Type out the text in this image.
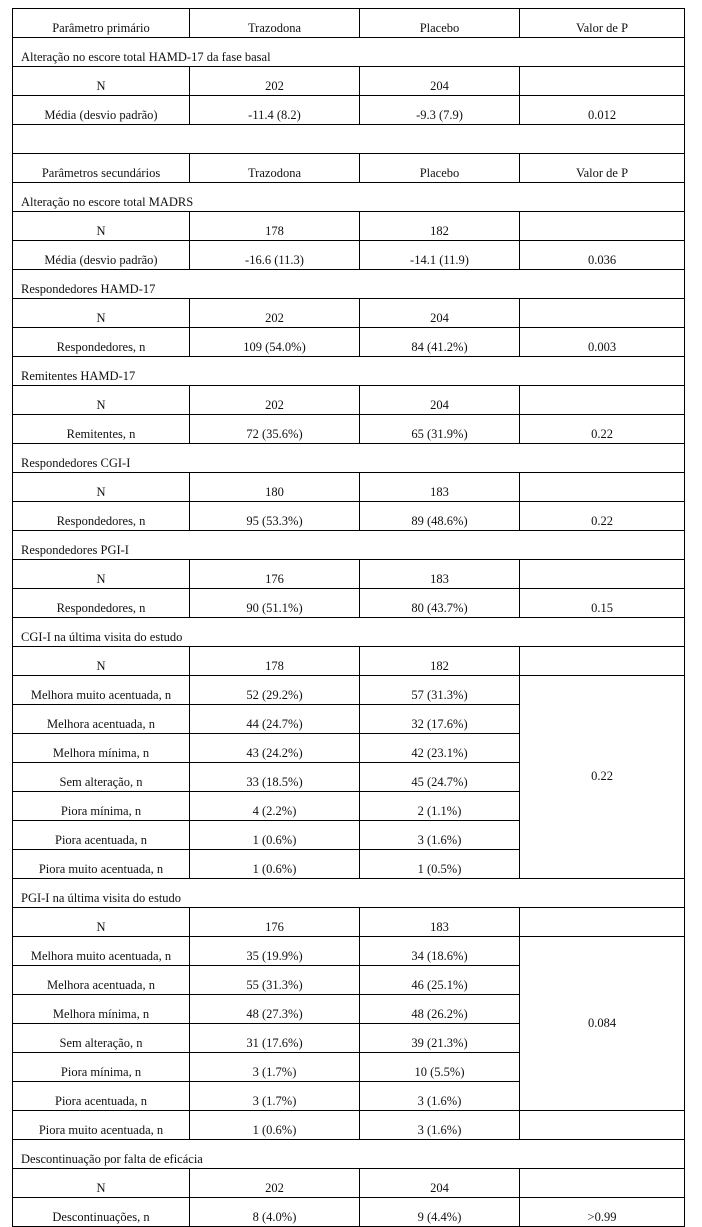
Parâmetro primário	Trazodona	Placebo	Valor de P
Alteração no escore total HAMD-17 da fase basal			
N	202	204	
Média (desvio padrão)	-11.4 (8.2)	-9.3 (7.9)	0.012

Parâmetros secundários	Trazodona	Placebo	Valor de P
Alteração no escore total MADRS			
N	178	182	
Média (desvio padrão)	-16.6 (11.3)	-14.1 (11.9)	0.036
Respondedores HAMD-17			
N	202	204	
Respondedores, n	109 (54.0%)	84 (41.2%)	0.003
Remitentes HAMD-17			
N	202	204	
Remitentes, n	72 (35.6%)	65 (31.9%)	0.22
Respondedores CGI-I			
N	180	183	
Respondedores, n	95 (53.3%)	89 (48.6%)	0.22
Respondedores PGI-I			
N	176	183	
Respondedores, n	90 (51.1%)	80 (43.7%)	0.15
CGI-I na última visita do estudo			
N	178	182	
Melhora muito acentuada, n	52 (29.2%)	57 (31.3%)	0.22
Melhora acentuada, n	44 (24.7%)	32 (17.6%)	
Melhora mínima, n	43 (24.2%)	42 (23.1%)	
Sem alteração, n	33 (18.5%)	45 (24.7%)	
Piora mínima, n	4 (2.2%)	2 (1.1%)	
Piora acentuada, n	1 (0.6%)	3 (1.6%)	
Piora muito acentuada, n	1 (0.6%)	1 (0.5%)	
PGI-I na última visita do estudo			
N	176	183	
Melhora muito acentuada, n	35 (19.9%)	34 (18.6%)	0.084
Melhora acentuada, n	55 (31.3%)	46 (25.1%)	
Melhora mínima, n	48 (27.3%)	48 (26.2%)	
Sem alteração, n	31 (17.6%)	39 (21.3%)	
Piora mínima, n	3 (1.7%)	10 (5.5%)	
Piora acentuada, n	3 (1.7%)	3 (1.6%)	
Piora muito acentuada, n	1 (0.6%)	3 (1.6%)	
Descontinuação por falta de eficácia			
N	202	204	
Descontinuações, n	8 (4.0%)	9 (4.4%)	>0.99
